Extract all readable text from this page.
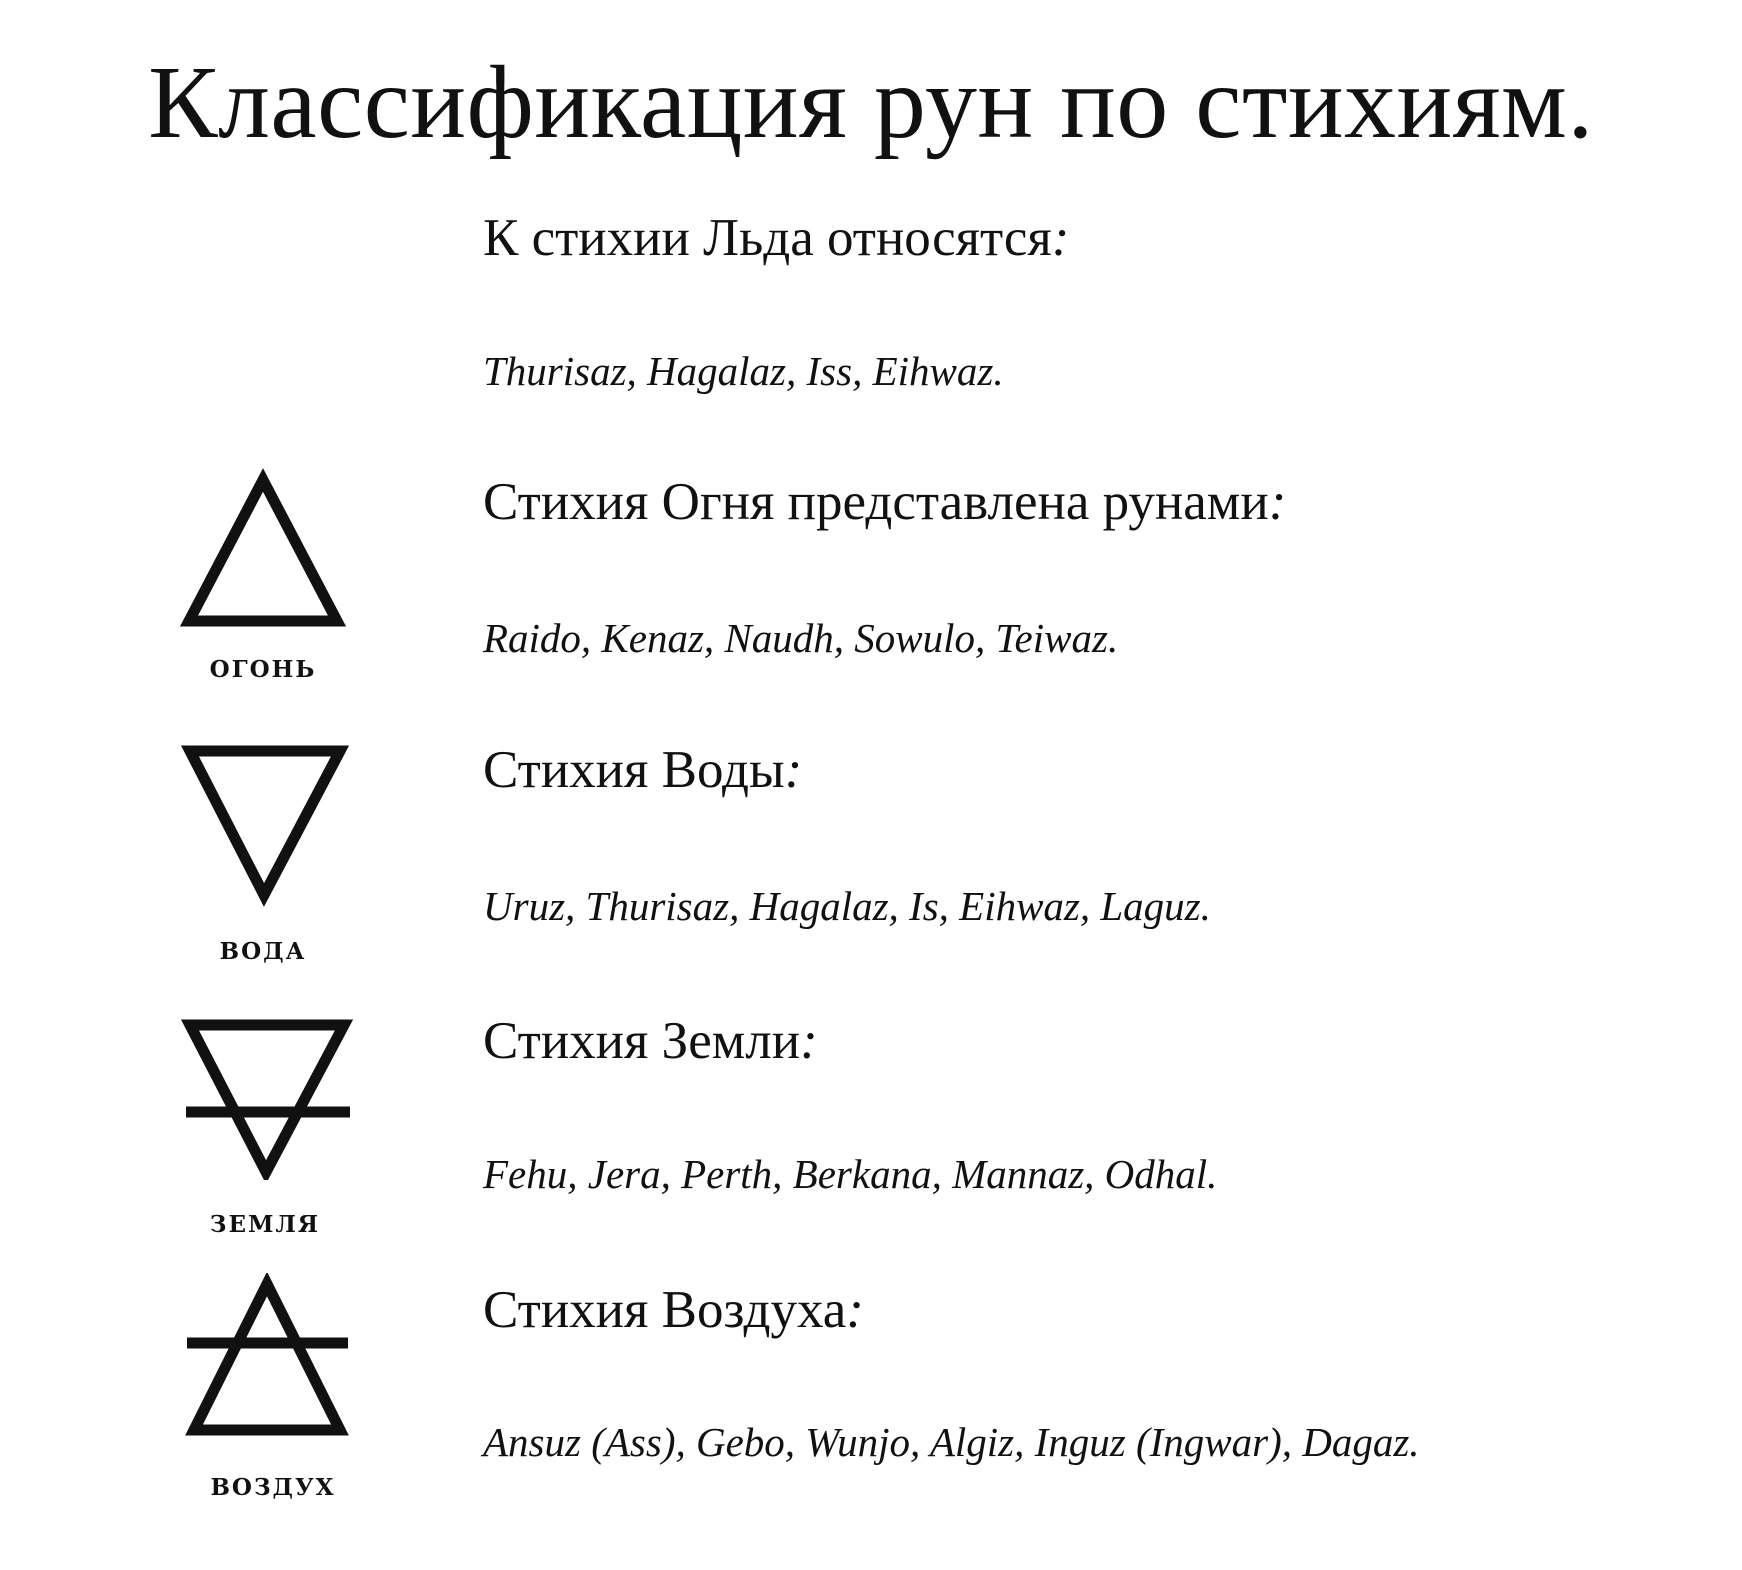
Классификация рун по стихиям.
К стихии Льда относятся:
Thurisaz, Hagalaz, Iss, Eihwaz.
Стихия Огня представлена рунами:
Raido, Kenaz, Naudh, Sowulo, Teiwaz.
Стихия Воды:
Uruz, Thurisaz, Hagalaz, Is, Eihwaz, Laguz.
Стихия Земли:
Fehu, Jera, Perth, Berkana, Mannaz, Odhal.
Стихия Воздуха:
Ansuz (Ass), Gebo, Wunjo, Algiz, Inguz (Ingwar), Dagaz.
ОГОНЬ
ВОДА
ЗЕМЛЯ
ВОЗДУХ
